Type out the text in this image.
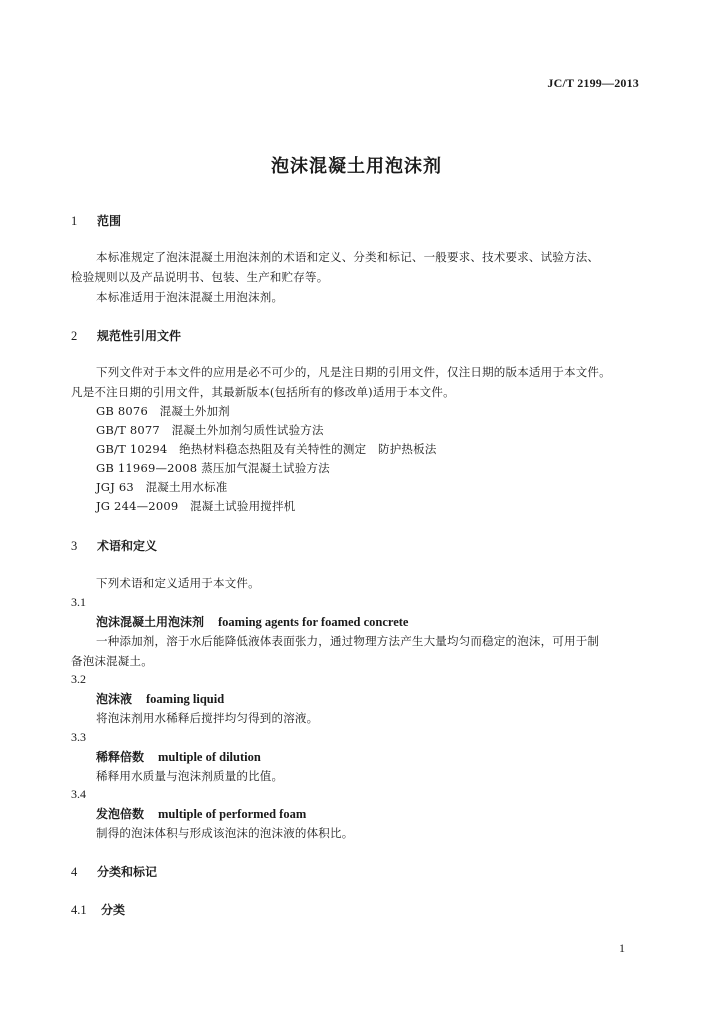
JC/T 2199—2013
泡沫混凝土用泡沫剂
1 范围
本标准规定了泡沫混凝土用泡沫剂的术语和定义、分类和标记、一般要求、技术要求、试验方法、
检验规则以及产品说明书、包装、生产和贮存等。
本标准适用于泡沫混凝土用泡沫剂。
2 规范性引用文件
下列文件对于本文件的应用是必不可少的，凡是注日期的引用文件，仅注日期的版本适用于本文件。
凡是不注日期的引用文件，其最新版本(包括所有的修改单)适用于本文件。
GB 8076　混凝土外加剂
GB/T 8077　混凝土外加剂匀质性试验方法
GB/T 10294　绝热材料稳态热阻及有关特性的测定　防护热板法
GB 11969—2008 蒸压加气混凝土试验方法
JGJ 63　混凝土用水标准
JG 244—2009　混凝土试验用搅拌机
3 术语和定义
下列术语和定义适用于本文件。
3.1
泡沫混凝土用泡沫剂 foaming agents for foamed concrete
一种添加剂，溶于水后能降低液体表面张力，通过物理方法产生大量均匀而稳定的泡沫，可用于制
备泡沫混凝土。
3.2
泡沫液 foaming liquid
将泡沫剂用水稀释后搅拌均匀得到的溶液。
3.3
稀释倍数 multiple of dilution
稀释用水质量与泡沫剂质量的比值。
3.4
发泡倍数 multiple of performed foam
制得的泡沫体积与形成该泡沫的泡沫液的体积比。
4 分类和标记
4.1 分类
1
